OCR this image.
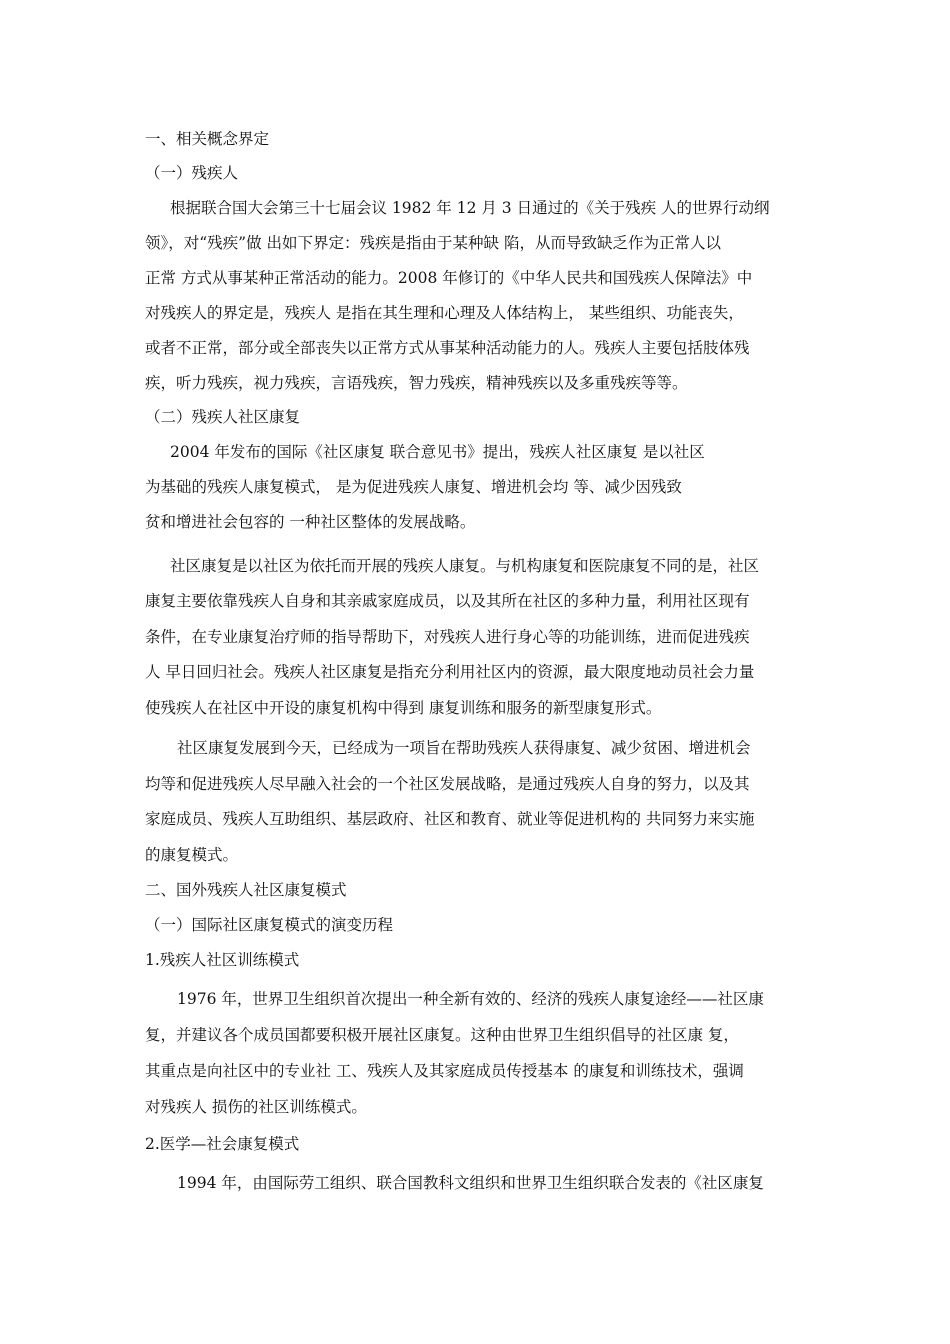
一、相关概念界定
（一）残疾人
根据联合国大会第三十七届会议 1982 年 12 月 3 日通过的《关于残疾 人的世界行动纲
领》，对“残疾”做 出如下界定：残疾是指由于某种缺 陷，从而导致缺乏作为正常人以
正常 方式从事某种正常活动的能力。2008 年修订的《中华人民共和国残疾人保障法》中
对残疾人的界定是，残疾人 是指在其生理和心理及人体结构上， 某些组织、功能丧失，
或者不正常，部分或全部丧失以正常方式从事某种活动能力的人。残疾人主要包括肢体残
疾，听力残疾，视力残疾，言语残疾，智力残疾，精神残疾以及多重残疾等等。
（二）残疾人社区康复
2004 年发布的国际《社区康复 联合意见书》提出，残疾人社区康复 是以社区
为基础的残疾人康复模式， 是为促进残疾人康复、增进机会均 等、减少因残致
贫和增进社会包容的 一种社区整体的发展战略。
社区康复是以社区为依托而开展的残疾人康复。与机构康复和医院康复不同的是，社区
康复主要依靠残疾人自身和其亲戚家庭成员，以及其所在社区的多种力量，利用社区现有
条件，在专业康复治疗师的指导帮助下，对残疾人进行身心等的功能训练，进而促进残疾
人 早日回归社会。残疾人社区康复是指充分利用社区内的资源，最大限度地动员社会力量
使残疾人在社区中开设的康复机构中得到 康复训练和服务的新型康复形式。
社区康复发展到今天，已经成为一项旨在帮助残疾人获得康复、减少贫困、增进机会
均等和促进残疾人尽早融入社会的一个社区发展战略，是通过残疾人自身的努力，以及其
家庭成员、残疾人互助组织、基层政府、社区和教育、就业等促进机构的 共同努力来实施
的康复模式。
二、国外残疾人社区康复模式
（一）国际社区康复模式的演变历程
1.残疾人社区训练模式
1976 年，世界卫生组织首次提出一种全新有效的、经济的残疾人康复途经——社区康
复，并建议各个成员国都要积极开展社区康复。这种由世界卫生组织倡导的社区康 复，
其重点是向社区中的专业社 工、残疾人及其家庭成员传授基本 的康复和训练技术，强调
对残疾人 损伤的社区训练模式。
2.医学—社会康复模式
1994 年，由国际劳工组织、联合国教科文组织和世界卫生组织联合发表的《社区康复
